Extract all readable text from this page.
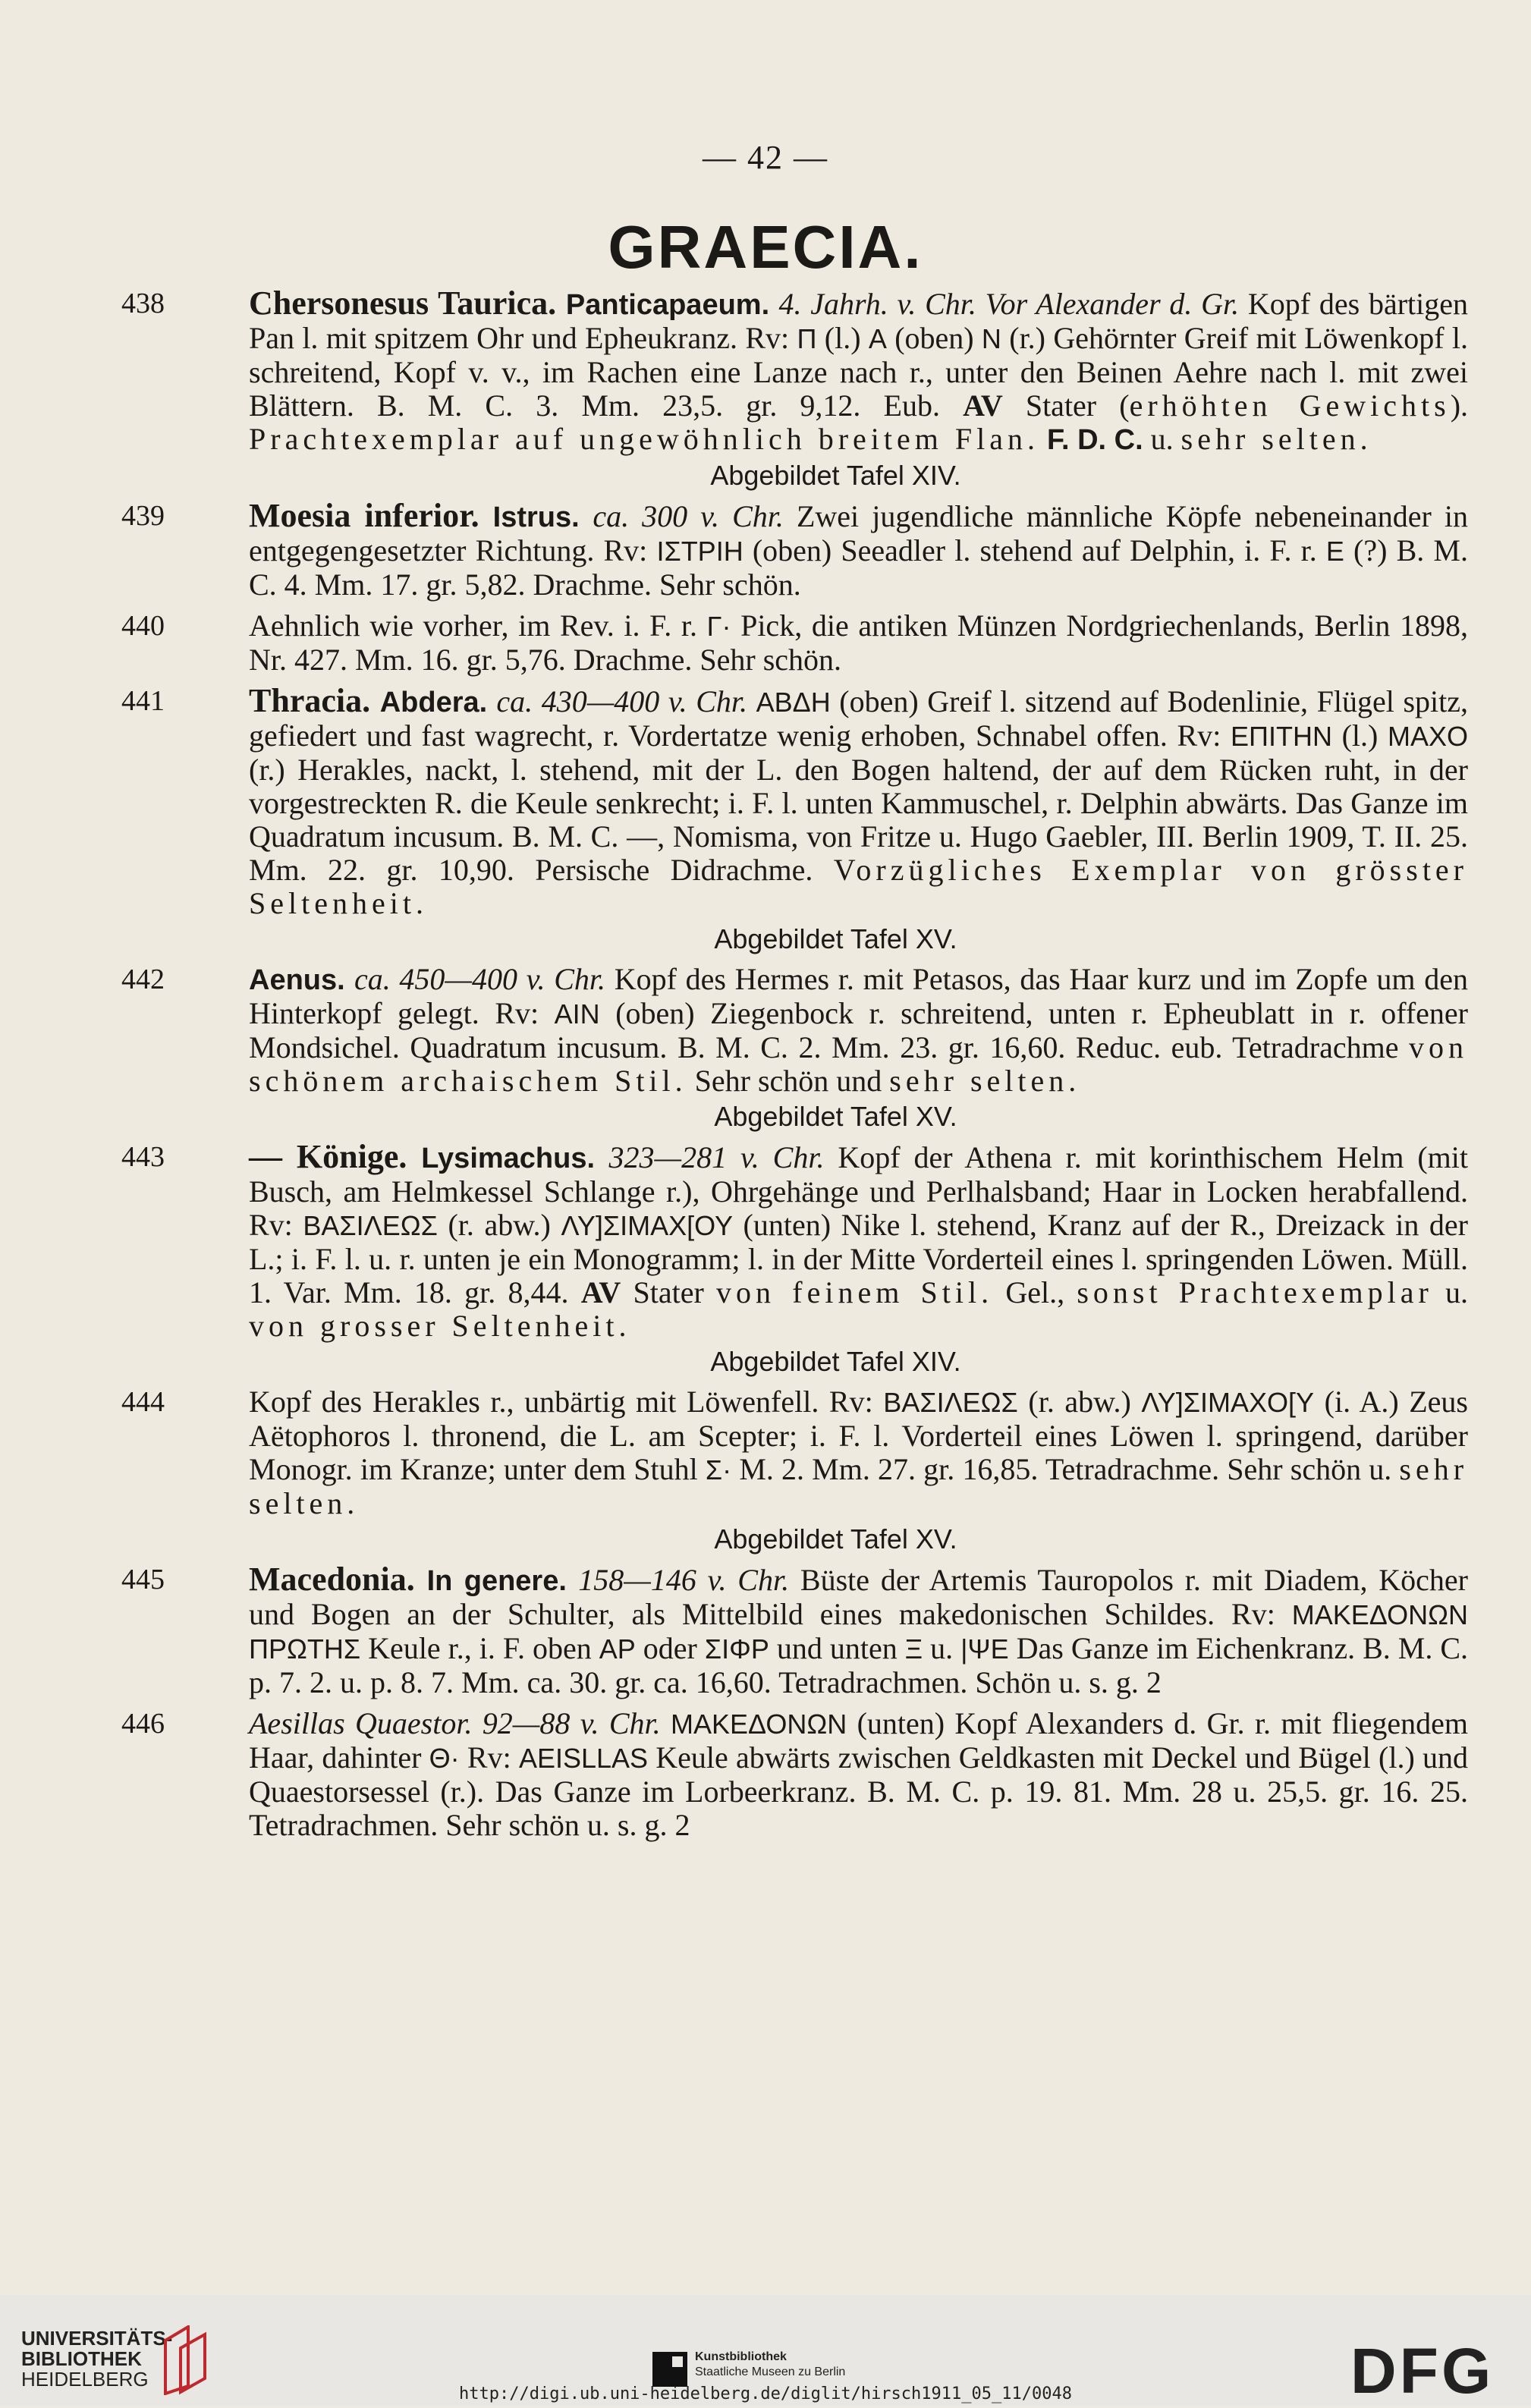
— 42 —
GRAECIA.
438	Chersonesus Taurica. Panticapaeum. 4. Jahrh. v. Chr. Vor Alexander d. Gr. Kopf des bärtigen Pan l. mit spitzem Ohr und Epheukranz. Rv: Π (l.) A (oben) N (r.) Gehörnter Greif mit Löwenkopf l. schreitend, Kopf v. v., im Rachen eine Lanze nach r., unter den Beinen Aehre nach l. mit zwei Blättern. B. M. C. 3. Mm. 23,5. gr. 9,12. Eub. AV Stater (erhöhten Gewichts). Prachtexemplar auf ungewöhnlich breitem Flan. F. D. C. u. sehr selten.

Abgebildet Tafel XIV.
439	Moesia inferior. Istrus. ca. 300 v. Chr. Zwei jugendliche männliche Köpfe nebeneinander in entgegengesetzter Richtung. Rv: ΙΣΤΡΙΗ (oben) Seeadler l. stehend auf Delphin, i. F. r. E (?) B. M. C. 4. Mm. 17. gr. 5,82. Drachme. Sehr schön.

440	Aehnlich wie vorher, im Rev. i. F. r. Γ· Pick, die antiken Münzen Nordgriechenlands, Berlin 1898, Nr. 427. Mm. 16. gr. 5,76. Drachme. Sehr schön.

441	Thracia. Abdera. ca. 430—400 v. Chr. ΑΒΔΗ (oben) Greif l. sitzend auf Bodenlinie, Flügel spitz, gefiedert und fast wagrecht, r. Vordertatze wenig erhoben, Schnabel offen. Rv: ΕΠΙΤΗΝ (l.) ΜΑΧΟ (r.) Herakles, nackt, l. stehend, mit der L. den Bogen haltend, der auf dem Rücken ruht, in der vorgestreckten R. die Keule senkrecht; i. F. l. unten Kammuschel, r. Delphin abwärts. Das Ganze im Quadratum incusum. B. M. C. —, Nomisma, von Fritze u. Hugo Gaebler, III. Berlin 1909, T. II. 25. Mm. 22. gr. 10,90. Persische Didrachme. Vorzügliches Exemplar von grösster Seltenheit.

Abgebildet Tafel XV.
442	Aenus. ca. 450—400 v. Chr. Kopf des Hermes r. mit Petasos, das Haar kurz und im Zopfe um den Hinterkopf gelegt. Rv: AIN (oben) Ziegenbock r. schreitend, unten r. Epheublatt in r. offener Mondsichel. Quadratum incusum. B. M. C. 2. Mm. 23. gr. 16,60. Reduc. eub. Tetradrachme von schönem archaischem Stil. Sehr schön und sehr selten.

Abgebildet Tafel XV.
443	— Könige. Lysimachus. 323—281 v. Chr. Kopf der Athena r. mit korinthischem Helm (mit Busch, am Helmkessel Schlange r.), Ohrgehänge und Perlhalsband; Haar in Locken herabfallend. Rv: ΒΑΣΙΛΕΩΣ (r. abw.) ΛΥ]ΣΙΜΑΧ[ΟΥ (unten) Nike l. stehend, Kranz auf der R., Dreizack in der L.; i. F. l. u. r. unten je ein Monogramm; l. in der Mitte Vorderteil eines l. springenden Löwen. Müll. 1. Var. Mm. 18. gr. 8,44. AV Stater von feinem Stil. Gel., sonst Prachtexemplar u. von grosser Seltenheit.

Abgebildet Tafel XIV.
444	Kopf des Herakles r., unbärtig mit Löwenfell. Rv: ΒΑΣΙΛΕΩΣ (r. abw.) ΛΥ]ΣΙΜΑΧΟ[Υ (i. A.) Zeus Aëtophoros l. thronend, die L. am Scepter; i. F. l. Vorderteil eines Löwen l. springend, darüber Monogr. im Kranze; unter dem Stuhl Σ· M. 2. Mm. 27. gr. 16,85. Tetradrachme. Sehr schön u. sehr selten.

Abgebildet Tafel XV.
445	Macedonia. In genere. 158—146 v. Chr. Büste der Artemis Tauropolos r. mit Diadem, Köcher und Bogen an der Schulter, als Mittelbild eines makedonischen Schildes. Rv: ΜΑΚΕΔΟΝΩΝ ΠΡΩΤΗΣ Keule r., i. F. oben ΑΡ oder ΣΙΦΡ und unten Ξ u. |ΨΕ Das Ganze im Eichenkranz. B. M. C. p. 7. 2. u. p. 8. 7. Mm. ca. 30. gr. ca. 16,60. Tetradrachmen. Schön u. s. g. 2

446	Aesillas Quaestor. 92—88 v. Chr. ΜΑΚΕΔΟΝΩΝ (unten) Kopf Alexanders d. Gr. r. mit fliegendem Haar, dahinter Θ· Rv: AEISLLAS Keule abwärts zwischen Geldkasten mit Deckel und Bügel (l.) und Quaestorsessel (r.). Das Ganze im Lorbeerkranz. B. M. C. p. 19. 81. Mm. 28 u. 25,5. gr. 16. 25. Tetradrachmen. Sehr schön u. s. g. 2

UNIVERSITÄTS-
BIBLIOTHEK
HEIDELBERG
Kunstbibliothek
Staatliche Museen zu Berlin	DFG
http://digi.ub.uni-heidelberg.de/diglit/hirsch1911_05_11/0048
